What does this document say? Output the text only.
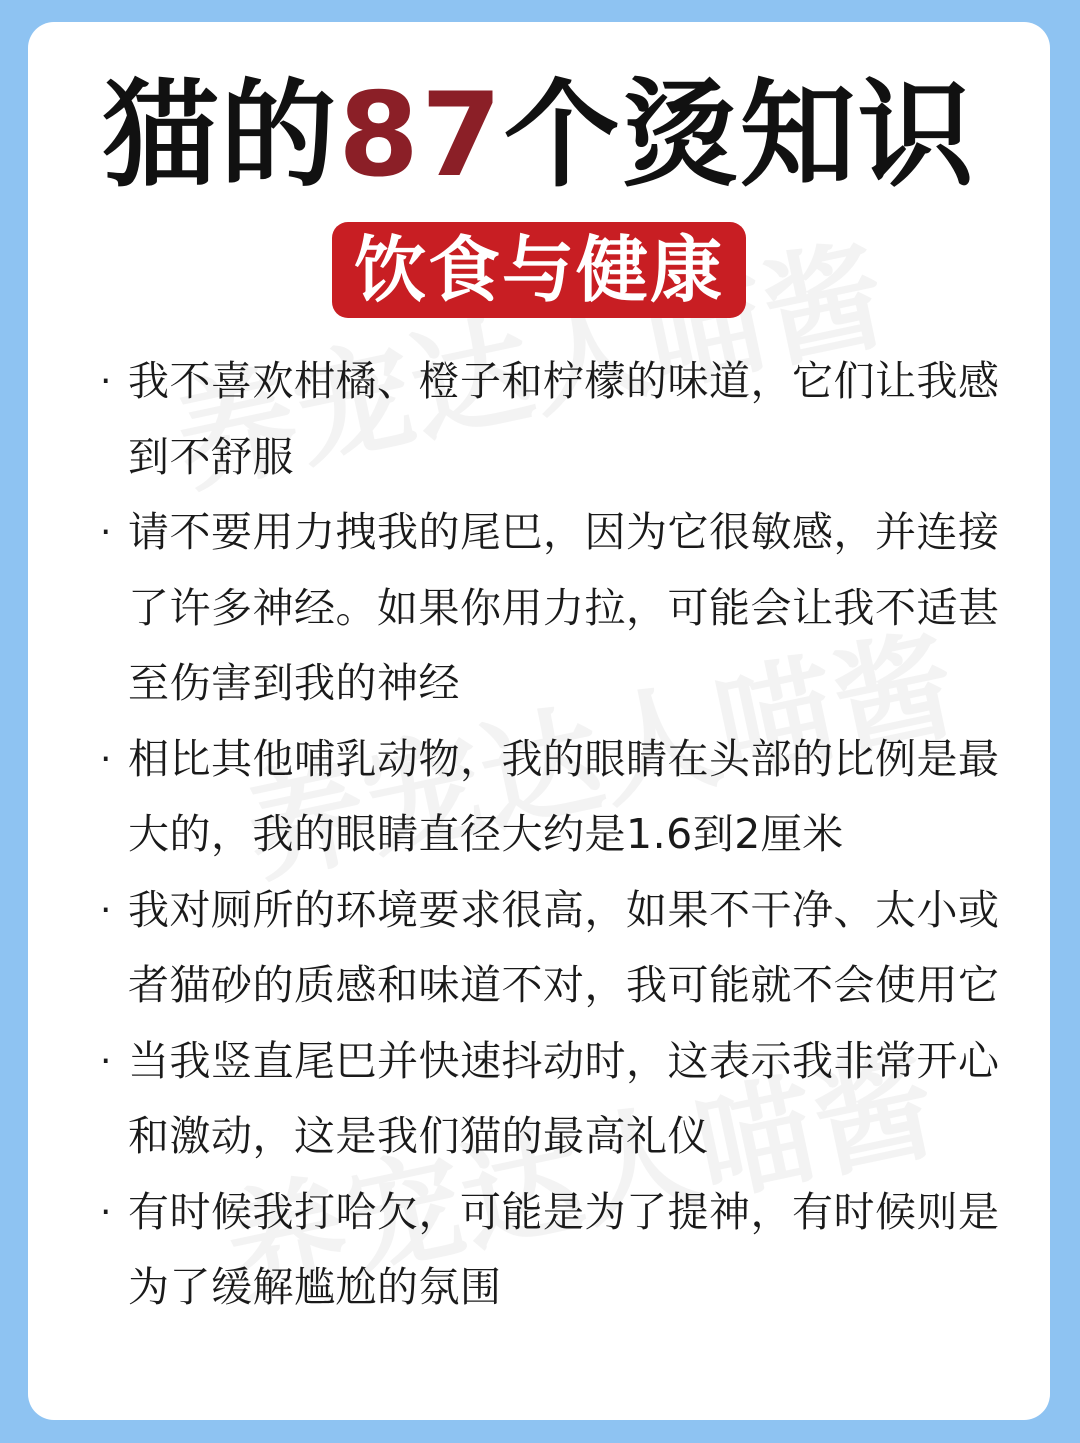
猫的87个烫知识
饮食与健康
· 我不喜欢柑橘、橙子和柠檬的味道，它们让我感到不舒服
· 请不要用力拽我的尾巴，因为它很敏感，并连接了许多神经。如果你用力拉，可能会让我不适甚至伤害到我的神经
· 相比其他哺乳动物，我的眼睛在头部的比例是最大的，我的眼睛直径大约是1.6到2厘米
· 我对厕所的环境要求很高，如果不干净、太小或者猫砂的质感和味道不对，我可能就不会使用它
· 当我竖直尾巴并快速抖动时，这表示我非常开心和激动，这是我们猫的最高礼仪
· 有时候我打哈欠，可能是为了提神，有时候则是为了缓解尴尬的氛围
